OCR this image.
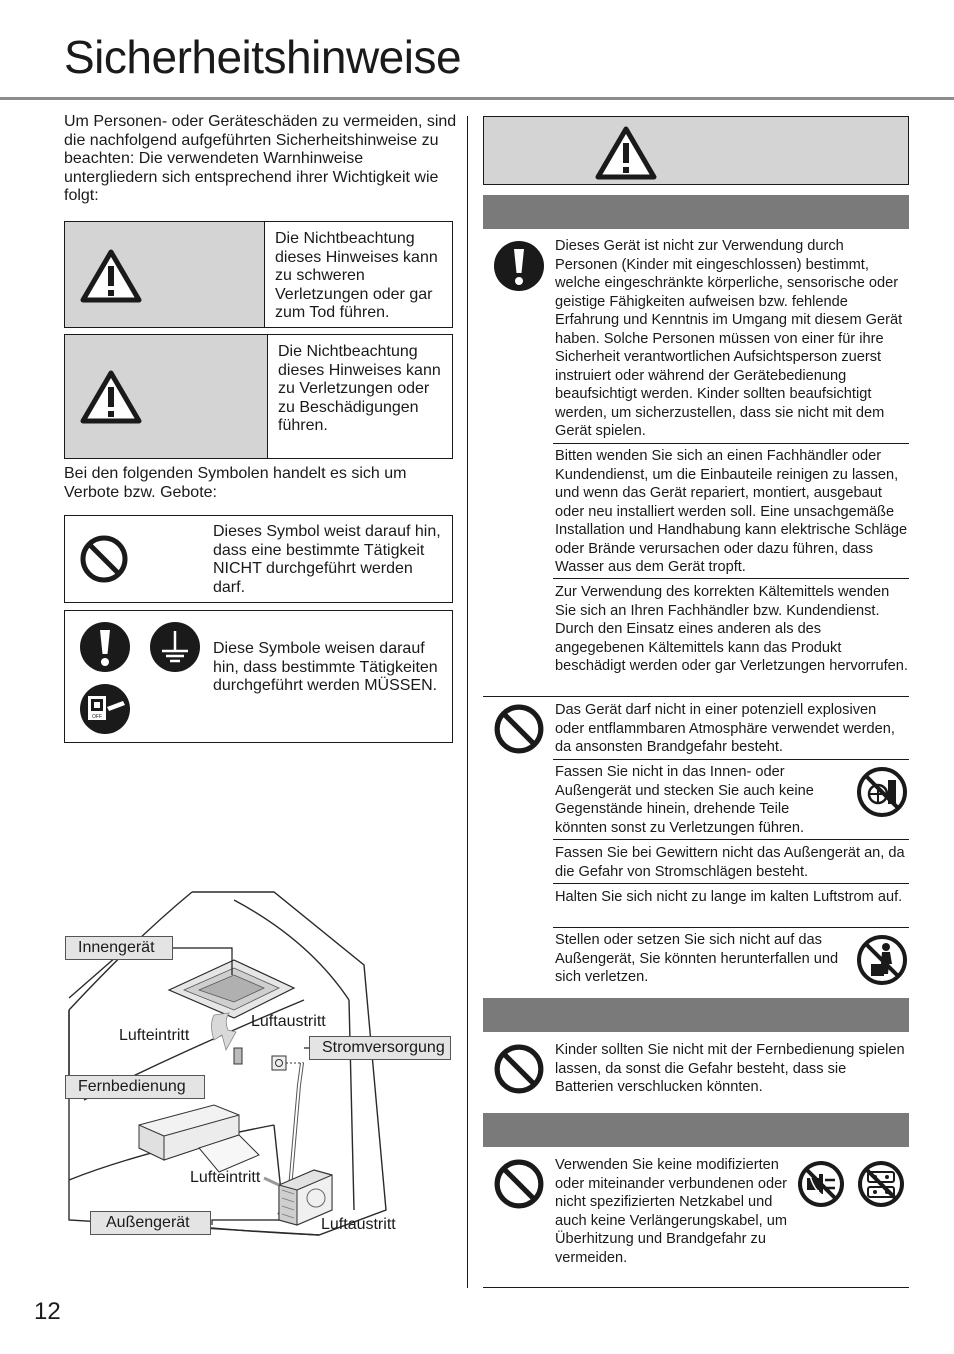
Sicherheitshinweise
Um Personen- oder Geräteschäden zu vermeiden, sind die nachfolgend aufgeführten Sicherheitshinweise zu beachten: Die verwendeten Warnhinweise untergliedern sich entsprechend ihrer Wichtigkeit wie folgt:
Die Nichtbeachtung dieses Hinweises kann zu schweren Verletzungen oder gar zum Tod führen.
Die Nichtbeachtung dieses Hinweises kann zu Verletzungen oder zu Beschädigungen führen.
Bei den folgenden Symbolen handelt es sich um Verbote bzw. Gebote:
Dieses Symbol weist darauf hin, dass eine bestimmte Tätigkeit NICHT durchgeführt werden darf.
OFF
Diese Symbole weisen darauf hin, dass bestimmte Tätigkeiten durchgeführt werden MÜSSEN.
Innengerät
Luftaustritt
Lufteintritt
Stromversorgung
Fernbedienung
Lufteintritt
Außengerät	Luftaustritt
12
Dieses Gerät ist nicht zur Verwendung durch Personen (Kinder mit eingeschlossen) bestimmt, welche eingeschränkte körperliche, sensorische oder geistige Fähigkeiten aufweisen bzw. fehlende Erfahrung und Kenntnis im Umgang mit diesem Gerät haben. Solche Personen müssen von einer für ihre Sicherheit verantwortlichen Aufsichtsperson zuerst instruiert oder während der Gerätebedienung beaufsichtigt werden. Kinder sollten beaufsichtigt werden, um sicherzustellen, dass sie nicht mit dem Gerät spielen.
Bitten wenden Sie sich an einen Fachhändler oder Kundendienst, um die Einbauteile reinigen zu lassen, und wenn das Gerät repariert, montiert, ausgebaut oder neu installiert werden soll. Eine unsachgemäße Installation und Handhabung kann elektrische Schläge oder Brände verursachen oder dazu führen, dass Wasser aus dem Gerät tropft.
Zur Verwendung des korrekten Kältemittels wenden Sie sich an Ihren Fachhändler bzw. Kundendienst. Durch den Einsatz eines anderen als des angegebenen Kältemittels kann das Produkt beschädigt werden oder gar Verletzungen hervorrufen.
Das Gerät darf nicht in einer potenziell explosiven oder entflammbaren Atmosphäre verwendet werden, da ansonsten Brandgefahr besteht.
Fassen Sie nicht in das Innen- oder Außengerät und stecken Sie auch keine Gegenstände hinein, drehende Teile könnten sonst zu Verletzungen führen.
Fassen Sie bei Gewittern nicht das Außengerät an, da die Gefahr von Stromschlägen besteht.
Halten Sie sich nicht zu lange im kalten Luftstrom auf.
Stellen oder setzen Sie sich nicht auf das Außengerät, Sie könnten herunterfallen und sich verletzen.
Kinder sollten Sie nicht mit der Fernbedienung spielen lassen, da sonst die Gefahr besteht, dass sie Batterien verschlucken könnten.
Verwenden Sie keine modifizierten oder miteinander verbundenen oder nicht spezifizierten Netzkabel und auch keine Verlängerungskabel, um Überhitzung und Brandgefahr zu vermeiden.
